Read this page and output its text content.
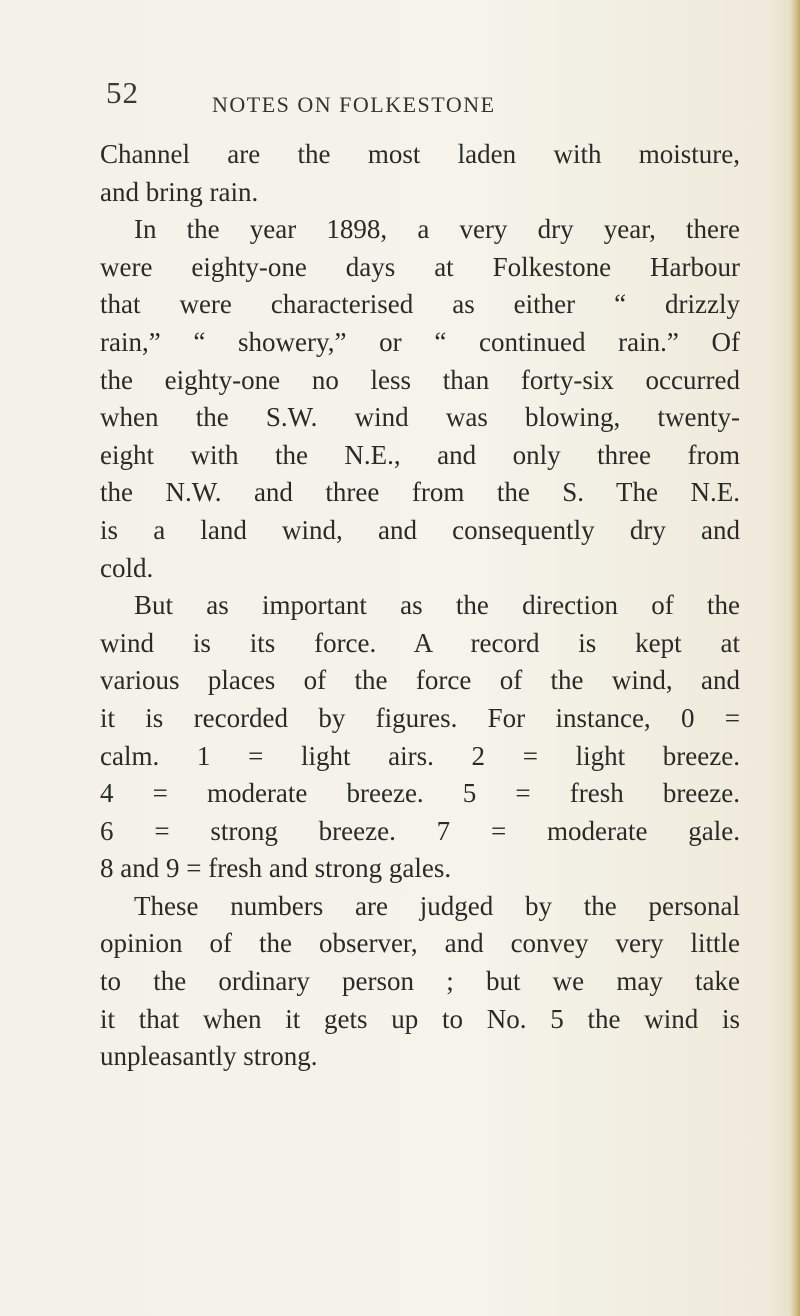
52	NOTES ON FOLKESTONE
Channel are the most laden with moisture,
and bring rain.
In the year 1898, a very dry year, there
were eighty-one days at Folkestone Harbour
that were characterised as either “ drizzly
rain,” “ showery,” or “ continued rain.” Of
the eighty-one no less than forty-six occurred
when the S.W. wind was blowing, twenty-
eight with the N.E., and only three from
the N.W. and three from the S. The N.E.
is a land wind, and consequently dry and
cold.
But as important as the direction of the
wind is its force. A record is kept at
various places of the force of the wind, and
it is recorded by figures. For instance, 0 =
calm. 1 = light airs. 2 = light breeze.
4 = moderate breeze. 5 = fresh breeze.
6 = strong breeze. 7 = moderate gale.
8 and 9 = fresh and strong gales.
These numbers are judged by the personal
opinion of the observer, and convey very little
to the ordinary person ; but we may take
it that when it gets up to No. 5 the wind is
unpleasantly strong.
